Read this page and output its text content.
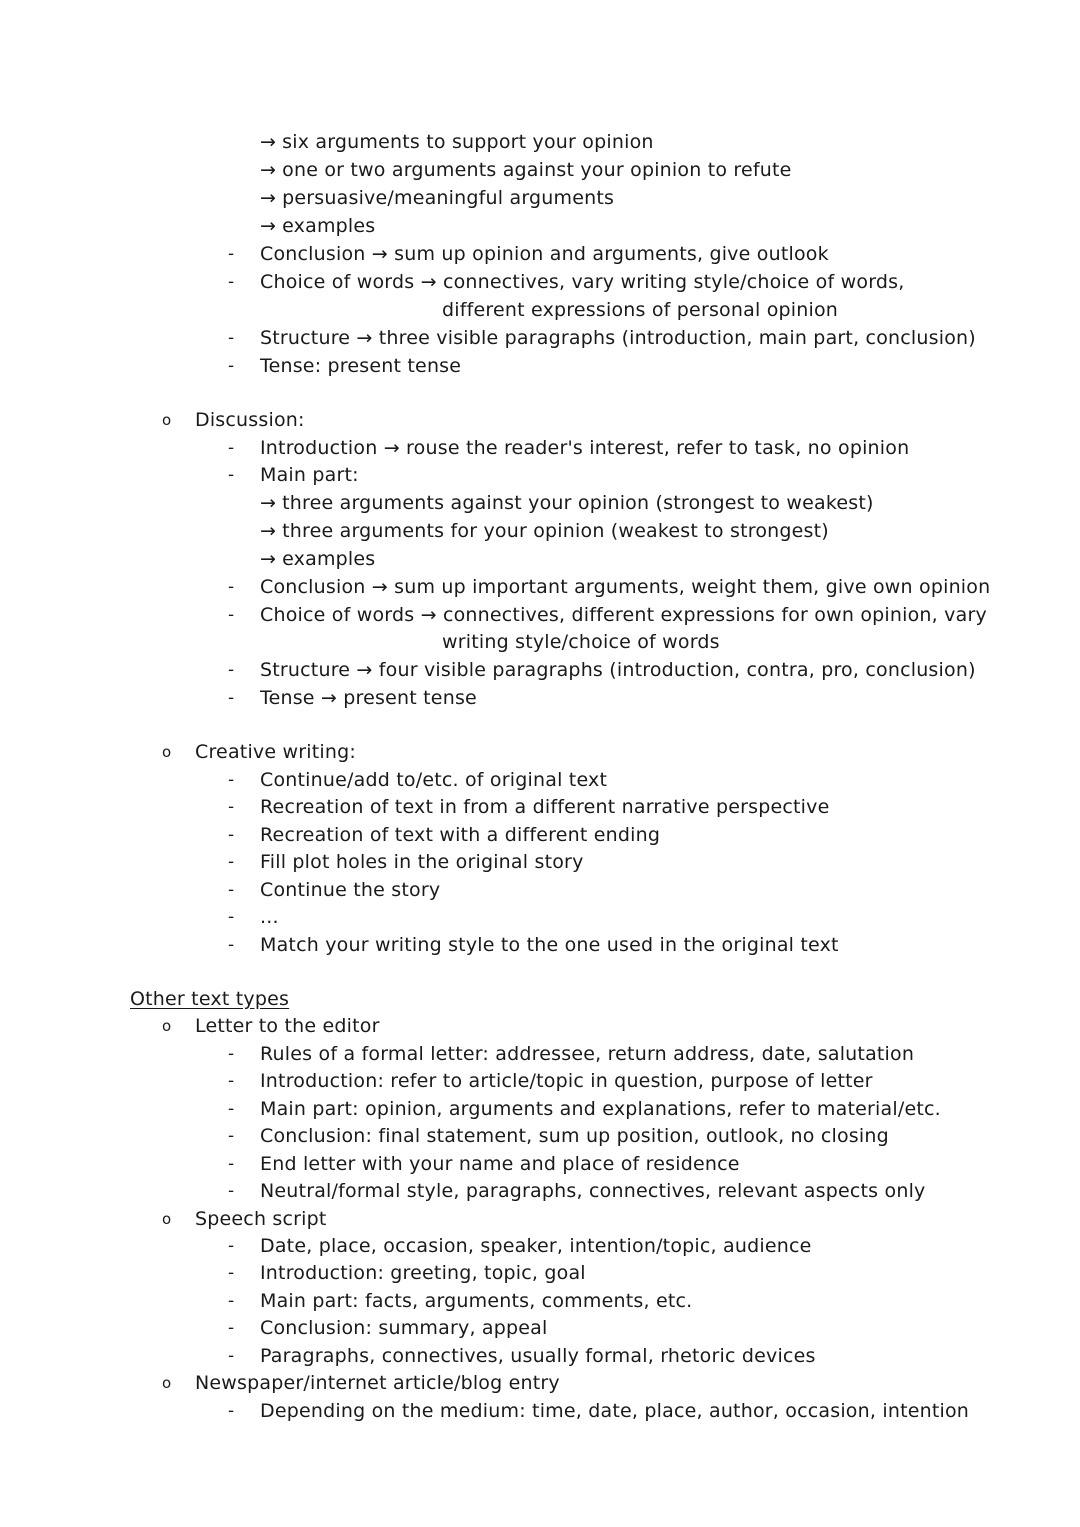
→ six arguments to support your opinion
→ one or two arguments against your opinion to refute
→ persuasive/meaningful arguments
→ examples
- Conclusion → sum up opinion and arguments, give outlook
- Choice of words → connectives, vary writing style/choice of words,
different expressions of personal opinion
- Structure → three visible paragraphs (introduction, main part, conclusion)
- Tense: present tense
o Discussion:
- Introduction → rouse the reader's interest, refer to task, no opinion
- Main part:
→ three arguments against your opinion (strongest to weakest)
→ three arguments for your opinion (weakest to strongest)
→ examples
- Conclusion → sum up important arguments, weight them, give own opinion
- Choice of words → connectives, different expressions for own opinion, vary
writing style/choice of words
- Structure → four visible paragraphs (introduction, contra, pro, conclusion)
- Tense → present tense
o Creative writing:
- Continue/add to/etc. of original text
- Recreation of text in from a different narrative perspective
- Recreation of text with a different ending
- Fill plot holes in the original story
- Continue the story
- ...
- Match your writing style to the one used in the original text
Other text types
o Letter to the editor
- Rules of a formal letter: addressee, return address, date, salutation
- Introduction: refer to article/topic in question, purpose of letter
- Main part: opinion, arguments and explanations, refer to material/etc.
- Conclusion: final statement, sum up position, outlook, no closing
- End letter with your name and place of residence
- Neutral/formal style, paragraphs, connectives, relevant aspects only
o Speech script
- Date, place, occasion, speaker, intention/topic, audience
- Introduction: greeting, topic, goal
- Main part: facts, arguments, comments, etc.
- Conclusion: summary, appeal
- Paragraphs, connectives, usually formal, rhetoric devices
o Newspaper/internet article/blog entry
- Depending on the medium: time, date, place, author, occasion, intention
